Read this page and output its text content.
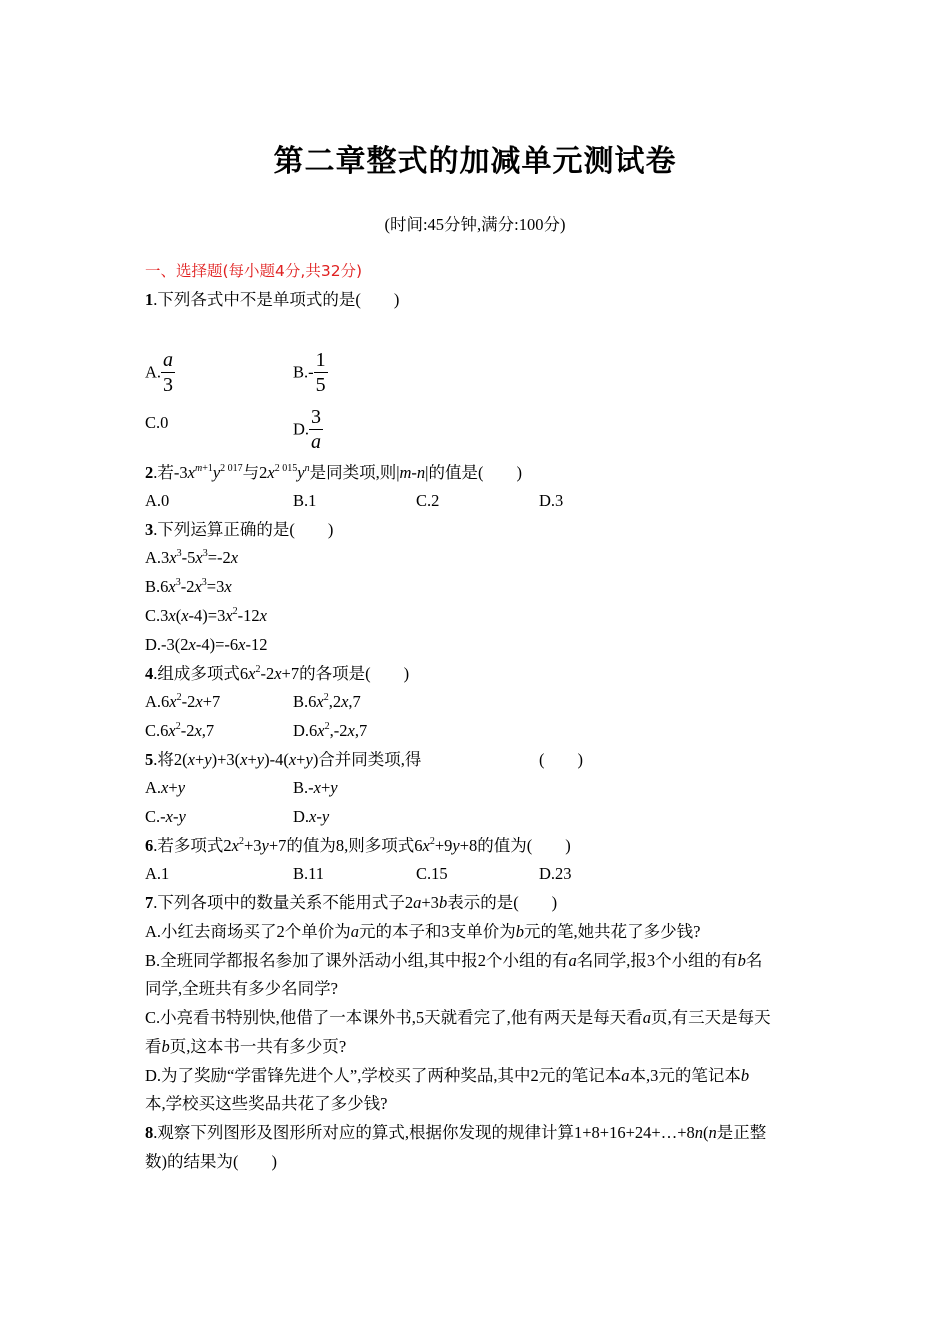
第二章整式的加减单元测试卷
(时间:45分钟,满分:100分)
一、选择题(每小题4分,共32分)
1.下列各式中不是单项式的是(　　)
A. $\frac{a}{3}$	$B.- \frac{1}{5}$
C.0	D. $\frac{3}{a}$
2.若$-3x^{m+1}y^{2 017}$与$2x^{2 015}y^n$是同类项,则|m-n|的值是(　　)
A.0	B.1	C.2	D.3
3.下列运算正确的是(　　)
$A.3x^3-5x^3=-2x$
$B.6x^3-2x^3=3x$
$C.3x(x-4)=3x^2-12x$
D.-3(2x-4)=-6x-12
4.组成多项式$6x^2-2x+7$的各项是(　　)
$A.6x^2-2x+7$	$B.6x^2,2x,7$
$C.6x^2-2x,7$	$D.6x^2,-2x,7$
5.将2(x+y)+3(x+y)-4(x+y)合并同类项,得	(　　)
A.x+y	B.-x+y
C.-x-y	D.x-y
6.若多项式$2x^2+3y+7$的值为8,则多项式$6x^2+9y+8$的值为(　　)
A.1	B.11	C.15	D.23
7.下列各项中的数量关系不能用式子2a+3b表示的是(　　)
A.小红去商场买了2个单价为a元的本子和3支单价为b元的笔,她共花了多少钱?
B.全班同学都报名参加了课外活动小组,其中报2个小组的有a名同学,报3个小组的有b名
同学,全班共有多少名同学?
C.小亮看书特别快,他借了一本课外书,5天就看完了,他有两天是每天看a页,有三天是每天
看b页,这本书一共有多少页?
D.为了奖励“学雷锋先进个人”,学校买了两种奖品,其中2元的笔记本a本,3元的笔记本b
本,学校买这些奖品共花了多少钱?
8.观察下列图形及图形所对应的算式,根据你发现的规律计算1+8+16+24+…+8n(n是正整
数)的结果为(　　)
